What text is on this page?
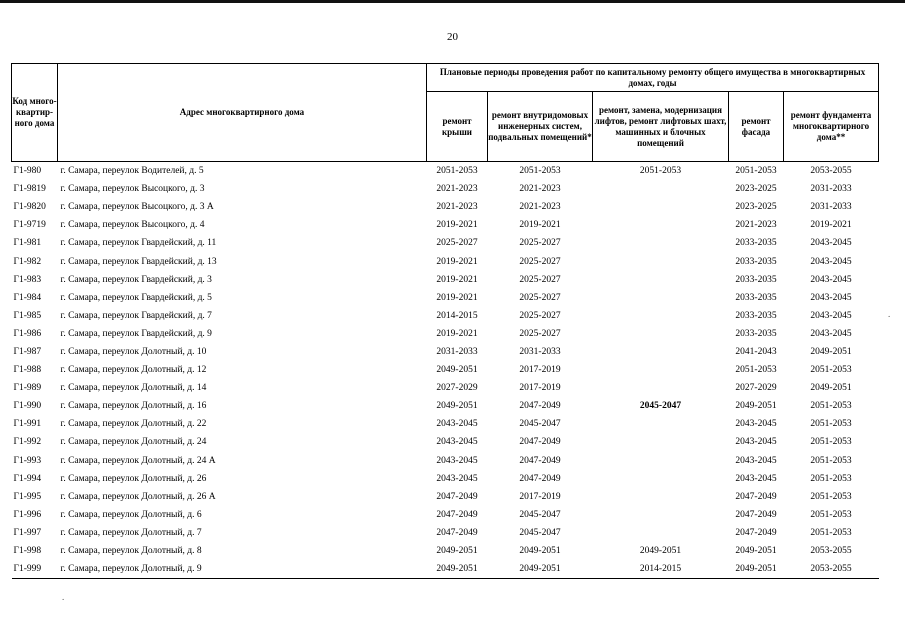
20
Код много-квартир-ного дома	Адрес многоквартирного дома	Плановые периоды проведения работ по капитальному ремонту общего имущества в многоквартирных домах, годы				
		ремонт крыши	ремонт внутридомовых инженерных систем, подвальных помещений*	ремонт, замена, модернизация лифтов, ремонт лифтовых шахт, машинных и блочных помещений	ремонт фасада	ремонт фундамента многоквартирного дома**
Г1-980	г. Самара, переулок Водителей, д. 5	2051-2053	2051-2053	2051-2053	2051-2053	2053-2055
Г1-9819	г. Самара, переулок Высоцкого, д. 3	2021-2023	2021-2023		2023-2025	2031-2033
Г1-9820	г. Самара, переулок Высоцкого, д. 3 А	2021-2023	2021-2023		2023-2025	2031-2033
Г1-9719	г. Самара, переулок Высоцкого, д. 4	2019-2021	2019-2021		2021-2023	2019-2021
Г1-981	г. Самара, переулок Гвардейский, д. 11	2025-2027	2025-2027		2033-2035	2043-2045
Г1-982	г. Самара, переулок Гвардейский, д. 13	2019-2021	2025-2027		2033-2035	2043-2045
Г1-983	г. Самара, переулок Гвардейский, д. 3	2019-2021	2025-2027		2033-2035	2043-2045
Г1-984	г. Самара, переулок Гвардейский, д. 5	2019-2021	2025-2027		2033-2035	2043-2045
Г1-985	г. Самара, переулок Гвардейский, д. 7	2014-2015	2025-2027		2033-2035	2043-2045
Г1-986	г. Самара, переулок Гвардейский, д. 9	2019-2021	2025-2027		2033-2035	2043-2045
Г1-987	г. Самара, переулок Долотный, д. 10	2031-2033	2031-2033		2041-2043	2049-2051
Г1-988	г. Самара, переулок Долотный, д. 12	2049-2051	2017-2019		2051-2053	2051-2053
Г1-989	г. Самара, переулок Долотный, д. 14	2027-2029	2017-2019		2027-2029	2049-2051
Г1-990	г. Самара, переулок Долотный, д. 16	2049-2051	2047-2049	2045-2047	2049-2051	2051-2053
Г1-991	г. Самара, переулок Долотный, д. 22	2043-2045	2045-2047		2043-2045	2051-2053
Г1-992	г. Самара, переулок Долотный, д. 24	2043-2045	2047-2049		2043-2045	2051-2053
Г1-993	г. Самара, переулок Долотный, д. 24 А	2043-2045	2047-2049		2043-2045	2051-2053
Г1-994	г. Самара, переулок Долотный, д. 26	2043-2045	2047-2049		2043-2045	2051-2053
Г1-995	г. Самара, переулок Долотный, д. 26 А	2047-2049	2017-2019		2047-2049	2051-2053
Г1-996	г. Самара, переулок Долотный, д. 6	2047-2049	2045-2047		2047-2049	2051-2053
Г1-997	г. Самара, переулок Долотный, д. 7	2047-2049	2045-2047		2047-2049	2051-2053
Г1-998	г. Самара, переулок Долотный, д. 8	2049-2051	2049-2051	2049-2051	2049-2051	2053-2055
Г1-999	г. Самара, переулок Долотный, д. 9	2049-2051	2049-2051	2014-2015	2049-2051	2053-2055
.
.
